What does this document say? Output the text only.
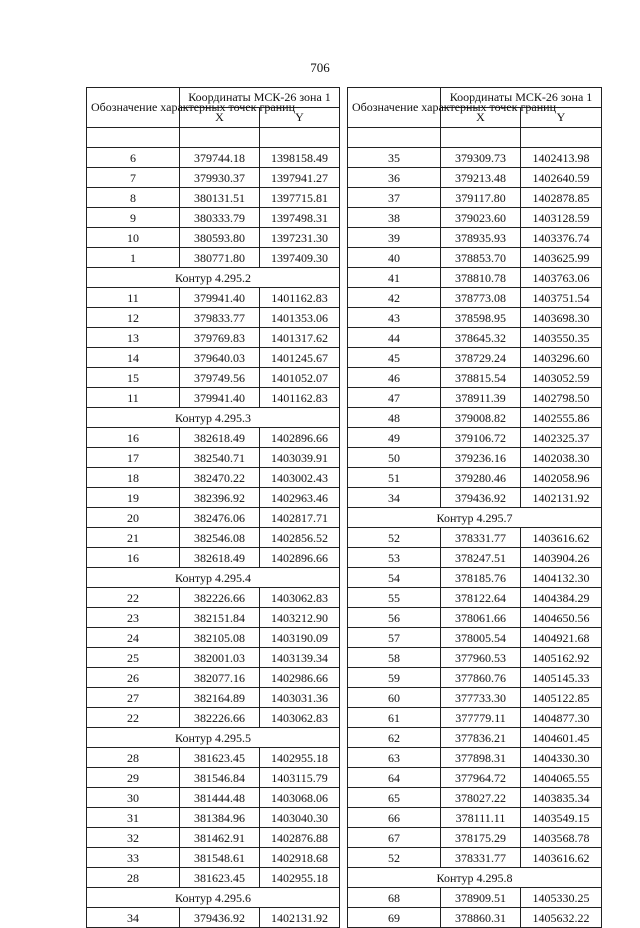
706
Обозначение характерных точек границ	Координаты МСК-26 зона 1	
	X	Y

6	379744.18	1398158.49
7	379930.37	1397941.27
8	380131.51	1397715.81
9	380333.79	1397498.31
10	380593.80	1397231.30
1	380771.80	1397409.30
Контур 4.295.2		
11	379941.40	1401162.83
12	379833.77	1401353.06
13	379769.83	1401317.62
14	379640.03	1401245.67
15	379749.56	1401052.07
11	379941.40	1401162.83
Контур 4.295.3		
16	382618.49	1402896.66
17	382540.71	1403039.91
18	382470.22	1403002.43
19	382396.92	1402963.46
20	382476.06	1402817.71
21	382546.08	1402856.52
16	382618.49	1402896.66
Контур 4.295.4		
22	382226.66	1403062.83
23	382151.84	1403212.90
24	382105.08	1403190.09
25	382001.03	1403139.34
26	382077.16	1402986.66
27	382164.89	1403031.36
22	382226.66	1403062.83
Контур 4.295.5		
28	381623.45	1402955.18
29	381546.84	1403115.79
30	381444.48	1403068.06
31	381384.96	1403040.30
32	381462.91	1402876.88
33	381548.61	1402918.68
28	381623.45	1402955.18
Контур 4.295.6		
34	379436.92	1402131.92
Обозначение характерных точек границ	Координаты МСК-26 зона 1	
	X	Y

35	379309.73	1402413.98
36	379213.48	1402640.59
37	379117.80	1402878.85
38	379023.60	1403128.59
39	378935.93	1403376.74
40	378853.70	1403625.99
41	378810.78	1403763.06
42	378773.08	1403751.54
43	378598.95	1403698.30
44	378645.32	1403550.35
45	378729.24	1403296.60
46	378815.54	1403052.59
47	378911.39	1402798.50
48	379008.82	1402555.86
49	379106.72	1402325.37
50	379236.16	1402038.30
51	379280.46	1402058.96
34	379436.92	1402131.92
Контур 4.295.7		
52	378331.77	1403616.62
53	378247.51	1403904.26
54	378185.76	1404132.30
55	378122.64	1404384.29
56	378061.66	1404650.56
57	378005.54	1404921.68
58	377960.53	1405162.92
59	377860.76	1405145.33
60	377733.30	1405122.85
61	377779.11	1404877.30
62	377836.21	1404601.45
63	377898.31	1404330.30
64	377964.72	1404065.55
65	378027.22	1403835.34
66	378111.11	1403549.15
67	378175.29	1403568.78
52	378331.77	1403616.62
Контур 4.295.8		
68	378909.51	1405330.25
69	378860.31	1405632.22
